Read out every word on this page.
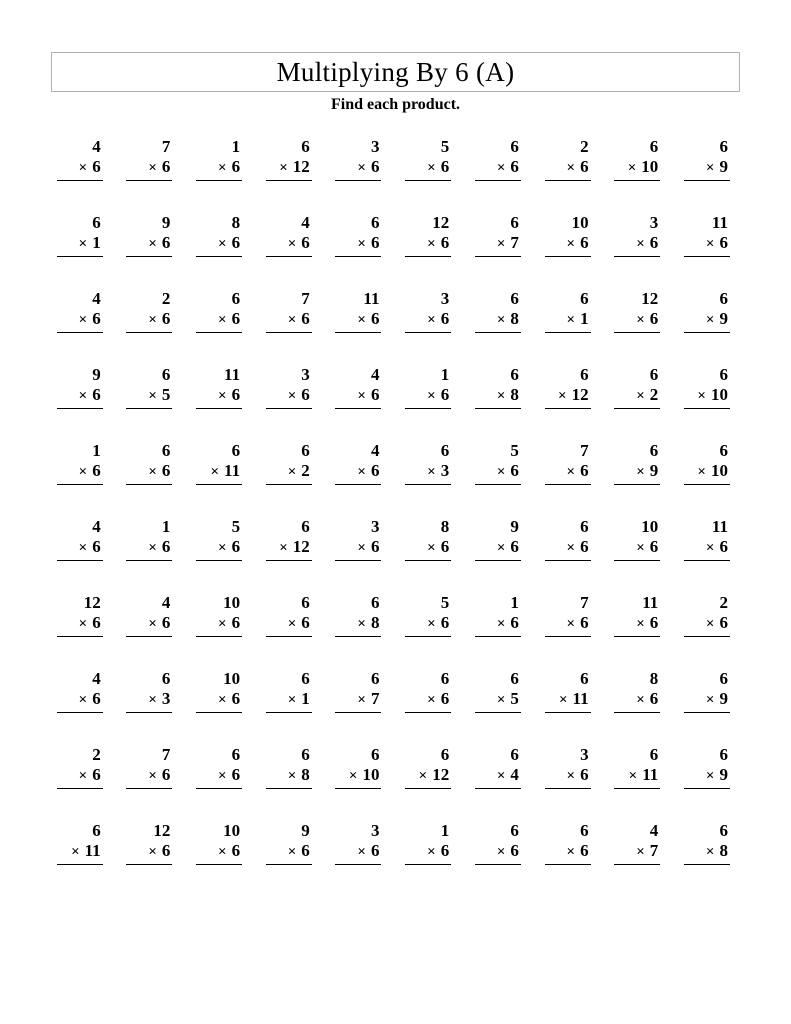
Multiplying By 6 (A)
Find each product.
4
× 6
7
× 6
1
× 6
6
× 12
3
× 6
5
× 6
6
× 6
2
× 6
6
× 10
6
× 9
6
× 1
9
× 6
8
× 6
4
× 6
6
× 6
12
× 6
6
× 7
10
× 6
3
× 6
11
× 6
4
× 6
2
× 6
6
× 6
7
× 6
11
× 6
3
× 6
6
× 8
6
× 1
12
× 6
6
× 9
9
× 6
6
× 5
11
× 6
3
× 6
4
× 6
1
× 6
6
× 8
6
× 12
6
× 2
6
× 10
1
× 6
6
× 6
6
× 11
6
× 2
4
× 6
6
× 3
5
× 6
7
× 6
6
× 9
6
× 10
4
× 6
1
× 6
5
× 6
6
× 12
3
× 6
8
× 6
9
× 6
6
× 6
10
× 6
11
× 6
12
× 6
4
× 6
10
× 6
6
× 6
6
× 8
5
× 6
1
× 6
7
× 6
11
× 6
2
× 6
4
× 6
6
× 3
10
× 6
6
× 1
6
× 7
6
× 6
6
× 5
6
× 11
8
× 6
6
× 9
2
× 6
7
× 6
6
× 6
6
× 8
6
× 10
6
× 12
6
× 4
3
× 6
6
× 11
6
× 9
6
× 11
12
× 6
10
× 6
9
× 6
3
× 6
1
× 6
6
× 6
6
× 6
4
× 7
6
× 8
